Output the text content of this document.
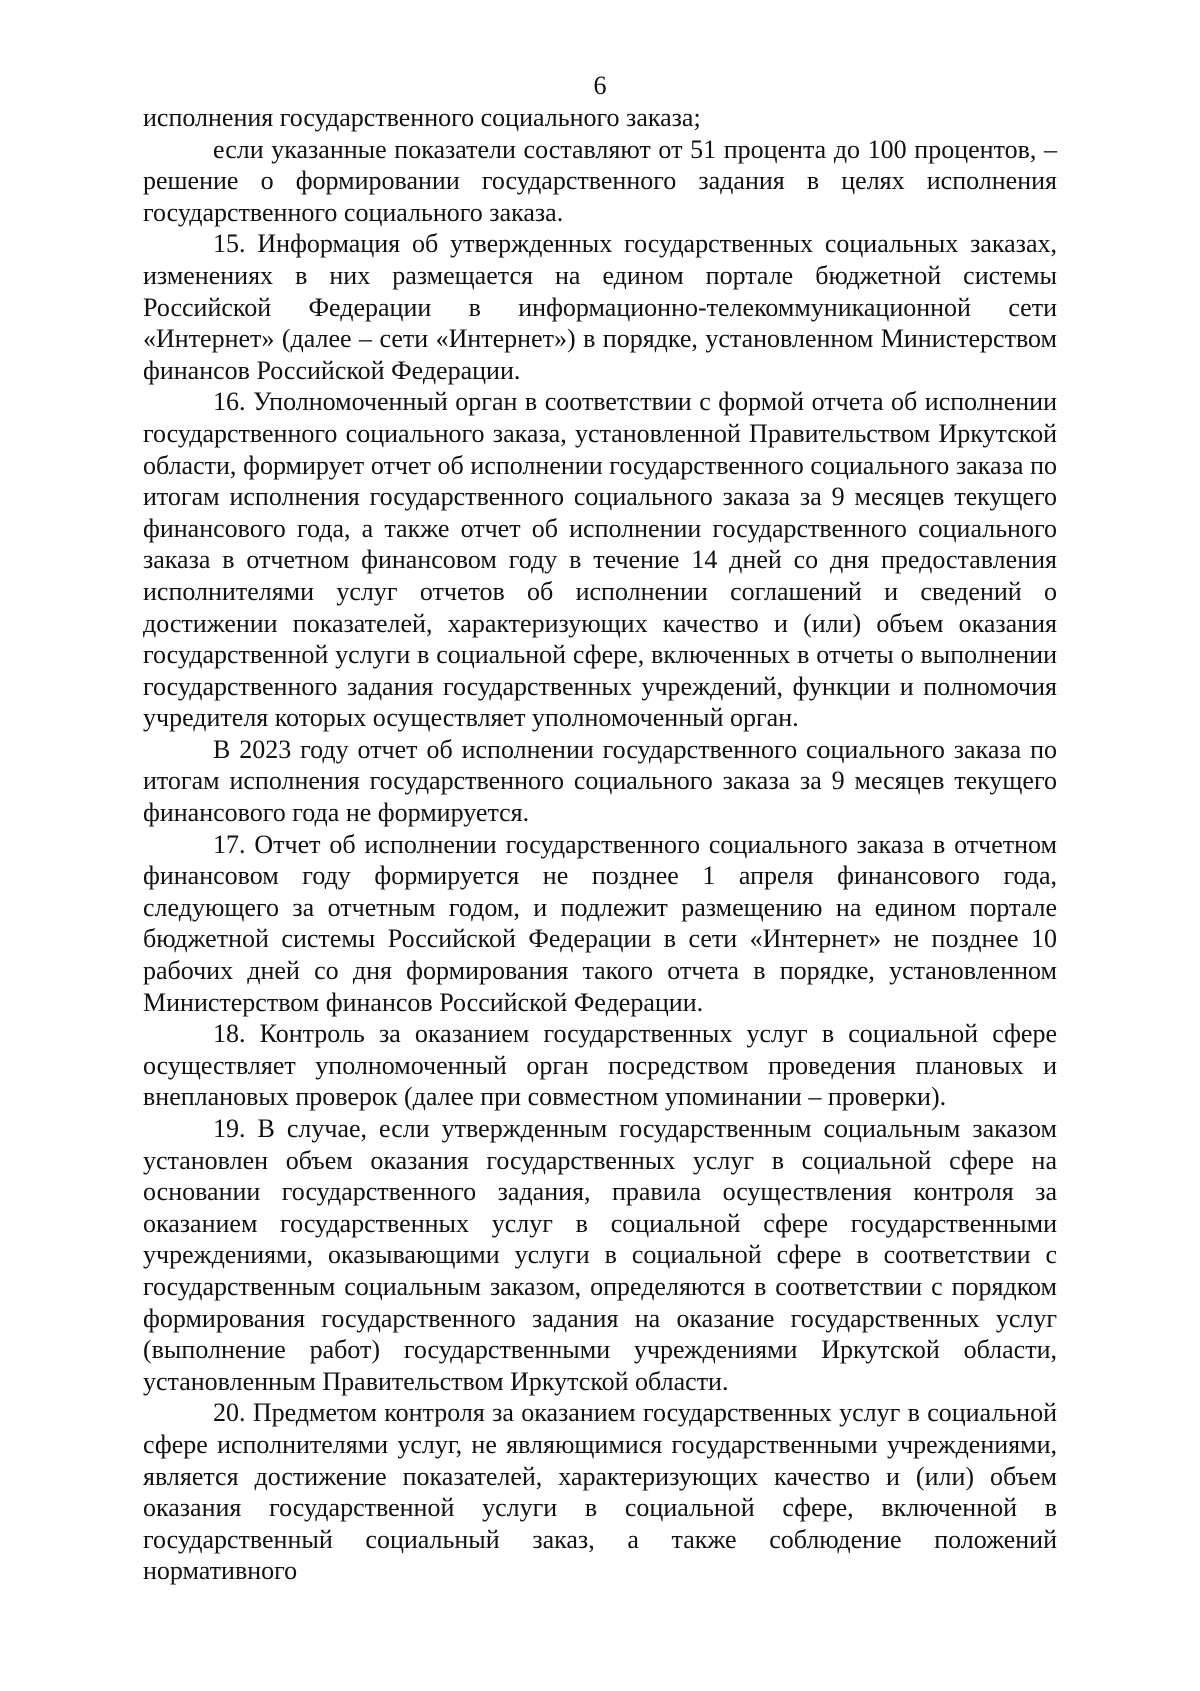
6

исполнения государственного социального заказа;

если указанные показатели составляют от 51 процента до 100 процентов, – решение о формировании государственного задания в целях исполнения государственного социального заказа.

15. Информация об утвержденных государственных социальных заказах, изменениях в них размещается на едином портале бюджетной системы Российской Федерации в информационно-телекоммуникационной сети «Интернет» (далее – сети «Интернет») в порядке, установленном Министерством финансов Российской Федерации.

16. Уполномоченный орган в соответствии с формой отчета об исполнении государственного социального заказа, установленной Правительством Иркутской области, формирует отчет об исполнении государственного социального заказа по итогам исполнения государственного социального заказа за 9 месяцев текущего финансового года, а также отчет об исполнении государственного социального заказа в отчетном финансовом году в течение 14 дней со дня предоставления исполнителями услуг отчетов об исполнении соглашений и сведений о достижении показателей, характеризующих качество и (или) объем оказания государственной услуги в социальной сфере, включенных в отчеты о выполнении государственного задания государственных учреждений, функции и полномочия учредителя которых осуществляет уполномоченный орган.

В 2023 году отчет об исполнении государственного социального заказа по итогам исполнения государственного социального заказа за 9 месяцев текущего финансового года не формируется.

17. Отчет об исполнении государственного социального заказа в отчетном финансовом году формируется не позднее 1 апреля финансового года, следующего за отчетным годом, и подлежит размещению на едином портале бюджетной системы Российской Федерации в сети «Интернет» не позднее 10 рабочих дней со дня формирования такого отчета в порядке, установленном Министерством финансов Российской Федерации.

18. Контроль за оказанием государственных услуг в социальной сфере осуществляет уполномоченный орган посредством проведения плановых и внеплановых проверок (далее при совместном упоминании – проверки).

19. В случае, если утвержденным государственным социальным заказом установлен объем оказания государственных услуг в социальной сфере на основании государственного задания, правила осуществления контроля за оказанием государственных услуг в социальной сфере государственными учреждениями, оказывающими услуги в социальной сфере в соответствии с государственным социальным заказом, определяются в соответствии с порядком формирования государственного задания на оказание государственных услуг (выполнение работ) государственными учреждениями Иркутской области, установленным Правительством Иркутской области.

20. Предметом контроля за оказанием государственных услуг в социальной сфере исполнителями услуг, не являющимися государственными учреждениями, является достижение показателей, характеризующих качество и (или) объем оказания государственной услуги в социальной сфере, включенной в государственный социальный заказ, а также соблюдение положений нормативного
